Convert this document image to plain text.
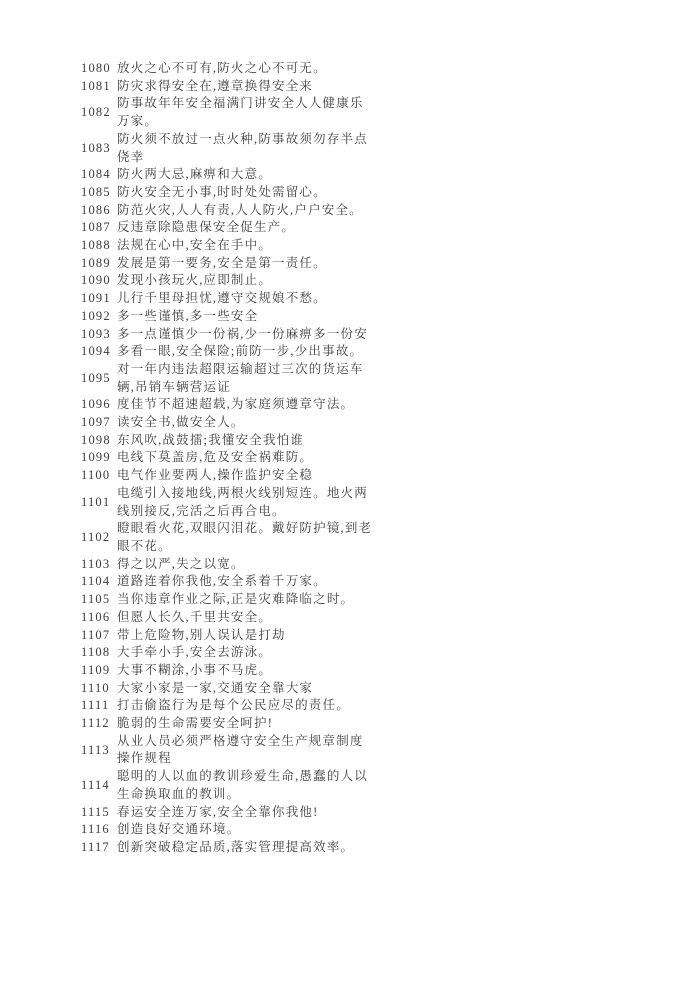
1080 放火之心不可有,防火之心不可无。
1081 防灾求得安全在,遵章换得安全来
1082
防事故年年安全福满门讲安全人人健康乐万家。
1083
防火须不放过一点火种,防事故须勿存半点侥幸
1084 防火两大忌,麻痹和大意。
1085 防火安全无小事,时时处处需留心。
1086 防范火灾,人人有责,人人防火,户户安全。
1087 反违章除隐患保安全促生产。
1088 法规在心中,安全在手中。
1089 发展是第一要务,安全是第一责任。
1090 发现小孩玩火,应即制止。
1091 儿行千里母担忧,遵守交规娘不愁。
1092 多一些谨慎,多一些安全
1093 多一点谨慎少一份祸,少一份麻痹多一份安
1094 多看一眼,安全保险;前防一步,少出事故。
1095
对一年内违法超限运输超过三次的货运车辆,吊销车辆营运证
1096 度佳节不超速超载,为家庭须遵章守法。
1097 读安全书,做安全人。
1098 东风吹,战鼓擂;我懂安全我怕谁
1099 电线下莫盖房,危及安全祸难防。
1100 电气作业要两人,操作监护安全稳
1101
电缆引入接地线,两根火线别短连。地火两线别接反,完活之后再合电。
1102
瞪眼看火花,双眼闪泪花。戴好防护镜,到老眼不花。
1103 得之以严,失之以宽。
1104 道路连着你我他,安全系着千万家。
1105 当你违章作业之际,正是灾难降临之时。
1106 但愿人长久,千里共安全。
1107 带上危险物,别人误认是打劫
1108 大手牵小手,安全去游泳。
1109 大事不糊涂,小事不马虎。
1110 大家小家是一家,交通安全靠大家
1111 打击偷盗行为是每个公民应尽的责任。
1112 脆弱的生命需要安全呵护!
1113
从业人员必须严格遵守安全生产规章制度操作规程
1114
聪明的人以血的教训珍爱生命,愚蠢的人以生命换取血的教训。
1115 春运安全连万家,安全全靠你我他!
1116 创造良好交通环境。
1117 创新突破稳定品质,落实管理提高效率。
